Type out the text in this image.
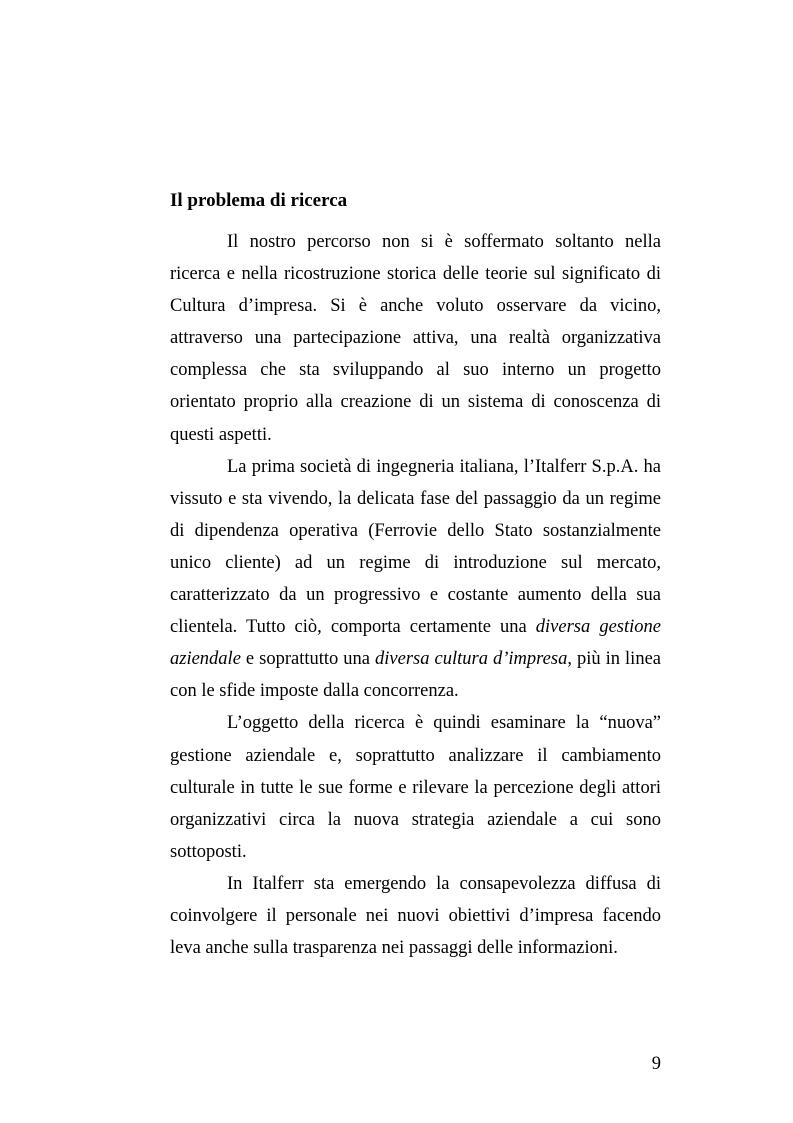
Il problema di ricerca

Il nostro percorso non si è soffermato soltanto nella ricerca e nella ricostruzione storica delle teorie sul significato di Cultura d’impresa. Si è anche voluto osservare da vicino, attraverso una partecipazione attiva, una realtà organizzativa complessa che sta sviluppando al suo interno un progetto orientato proprio alla creazione di un sistema di conoscenza di questi aspetti.

La prima società di ingegneria italiana, l’Italferr S.p.A. ha vissuto e sta vivendo, la delicata fase del passaggio da un regime di dipendenza operativa (Ferrovie dello Stato sostanzialmente unico cliente) ad un regime di introduzione sul mercato, caratterizzato da un progressivo e costante aumento della sua clientela. Tutto ciò, comporta certamente una diversa gestione aziendale e soprattutto una diversa cultura d’impresa, più in linea con le sfide imposte dalla concorrenza.

L’oggetto della ricerca è quindi esaminare la “nuova” gestione aziendale e, soprattutto analizzare il cambiamento culturale in tutte le sue forme e rilevare la percezione degli attori organizzativi circa la nuova strategia aziendale a cui sono sottoposti.

In Italferr sta emergendo la consapevolezza diffusa di coinvolgere il personale nei nuovi obiettivi d’impresa facendo leva anche sulla trasparenza nei passaggi delle informazioni.

9
